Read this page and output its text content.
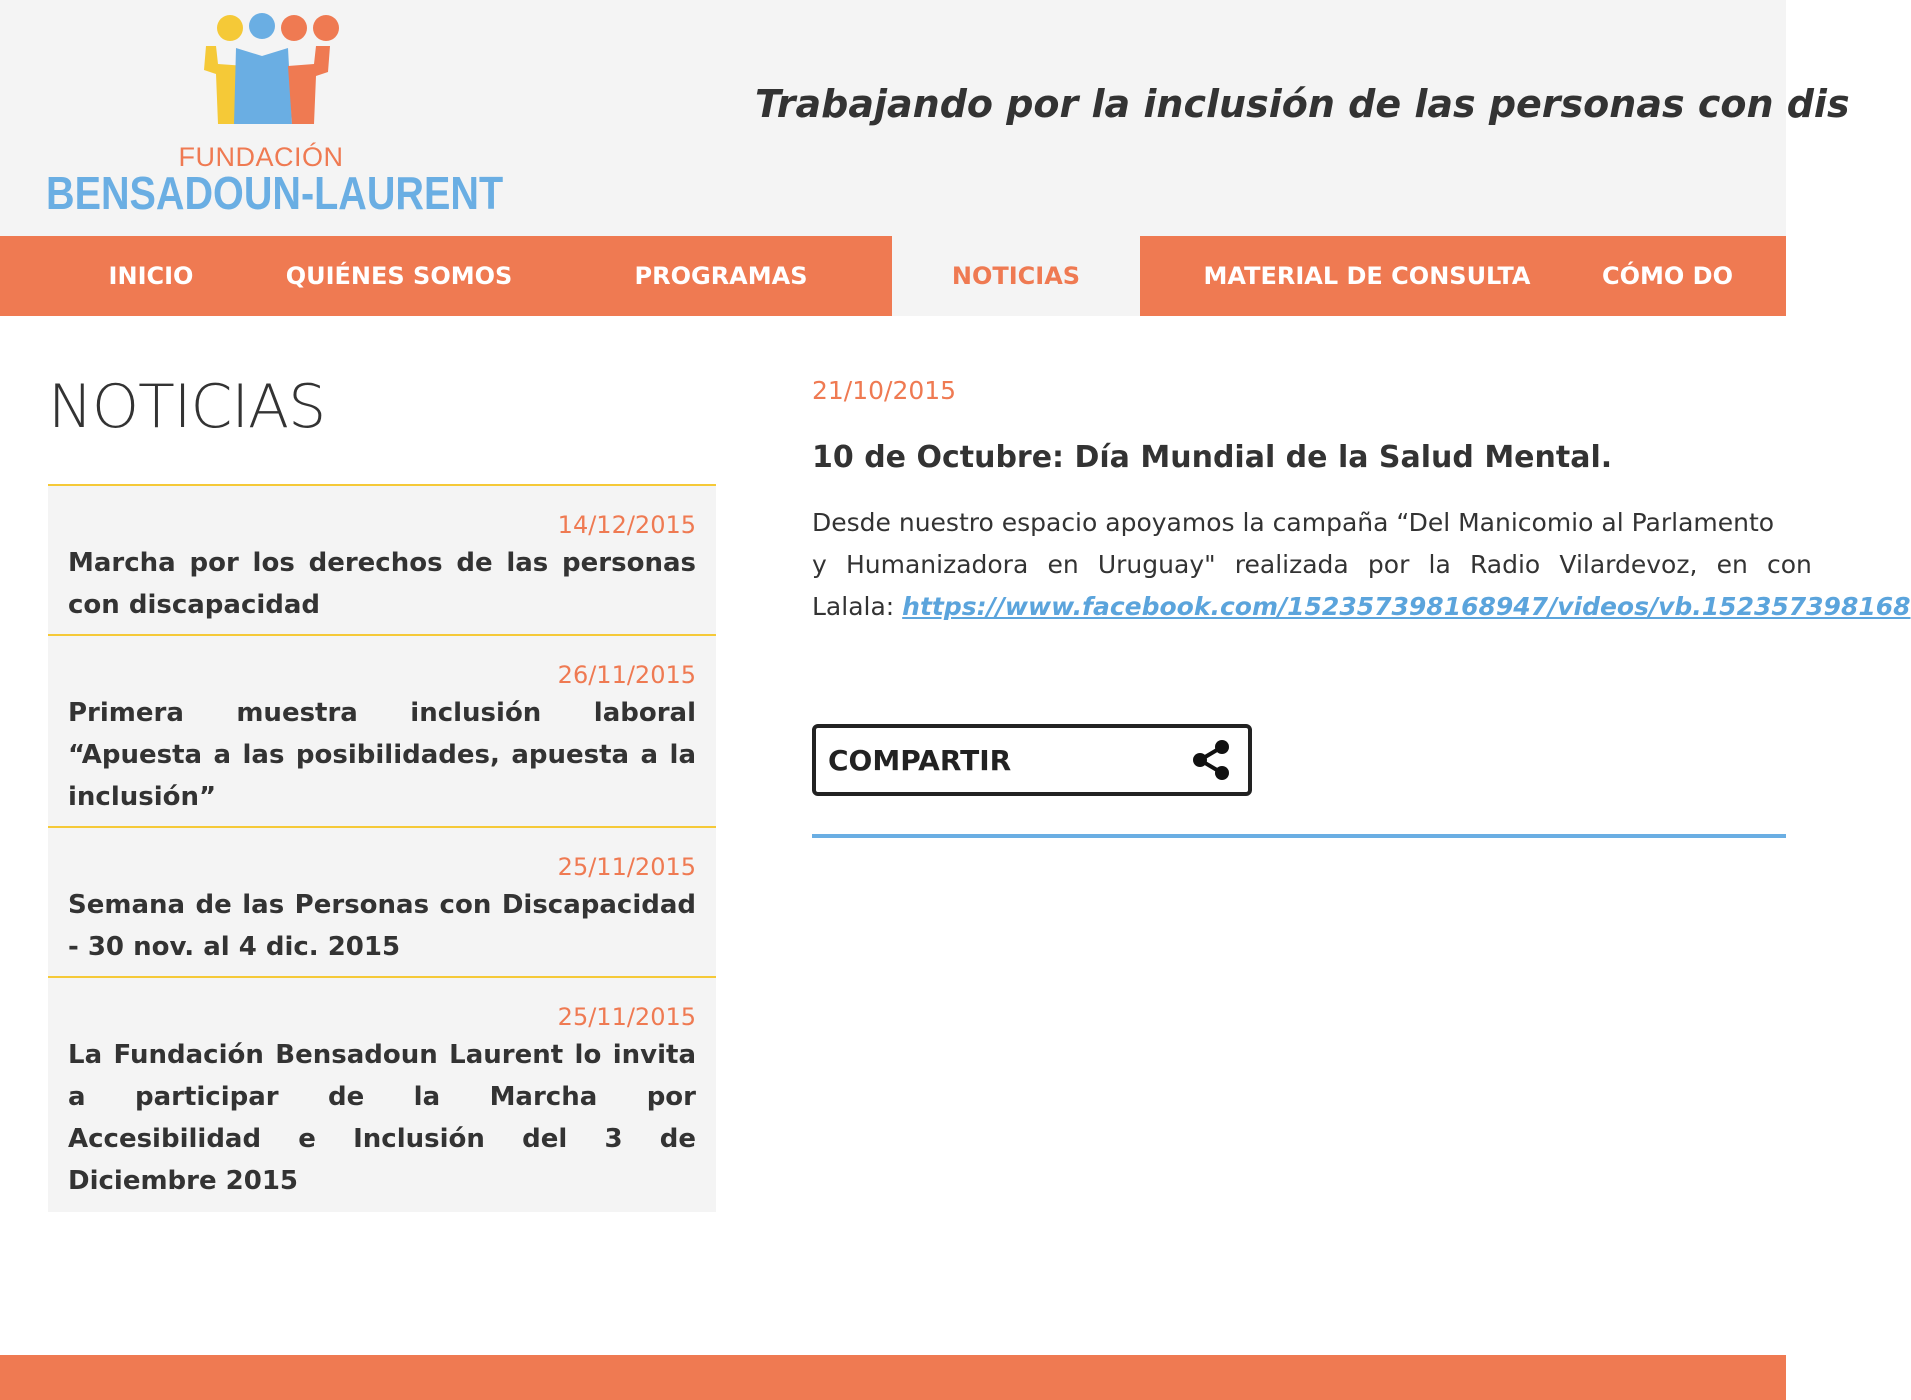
FUNDACIÓN
BENSADOUN-LAURENT
Trabajando por la inclusión de las personas con dis
INICIO	QUIÉNES SOMOS	PROGRAMAS	NOTICIAS	MATERIAL DE CONSULTA	CÓMO DO
NOTICIAS
14/12/2015
Marcha por los derechos de las personas con discapacidad
26/11/2015
Primera muestra inclusión laboral “Apuesta a las posibilidades, apuesta a la inclusión”
25/11/2015
Semana de las Personas con Discapacidad - 30 nov. al 4 dic. 2015
25/11/2015
La Fundación Bensadoun Laurent lo invita a participar de la Marcha por Accesibilidad e Inclusión del 3 de Diciembre 2015
21/10/2015
10 de Octubre: Día Mundial de la Salud Mental.
Desde nuestro espacio apoyamos la campaña “Del Manicomio al Parlamento
y Humanizadora en Uruguay" realizada por la Radio Vilardevoz, en con
Lalala: https://www.facebook.com/152357398168947/videos/vb.152357398168
COMPARTIR
